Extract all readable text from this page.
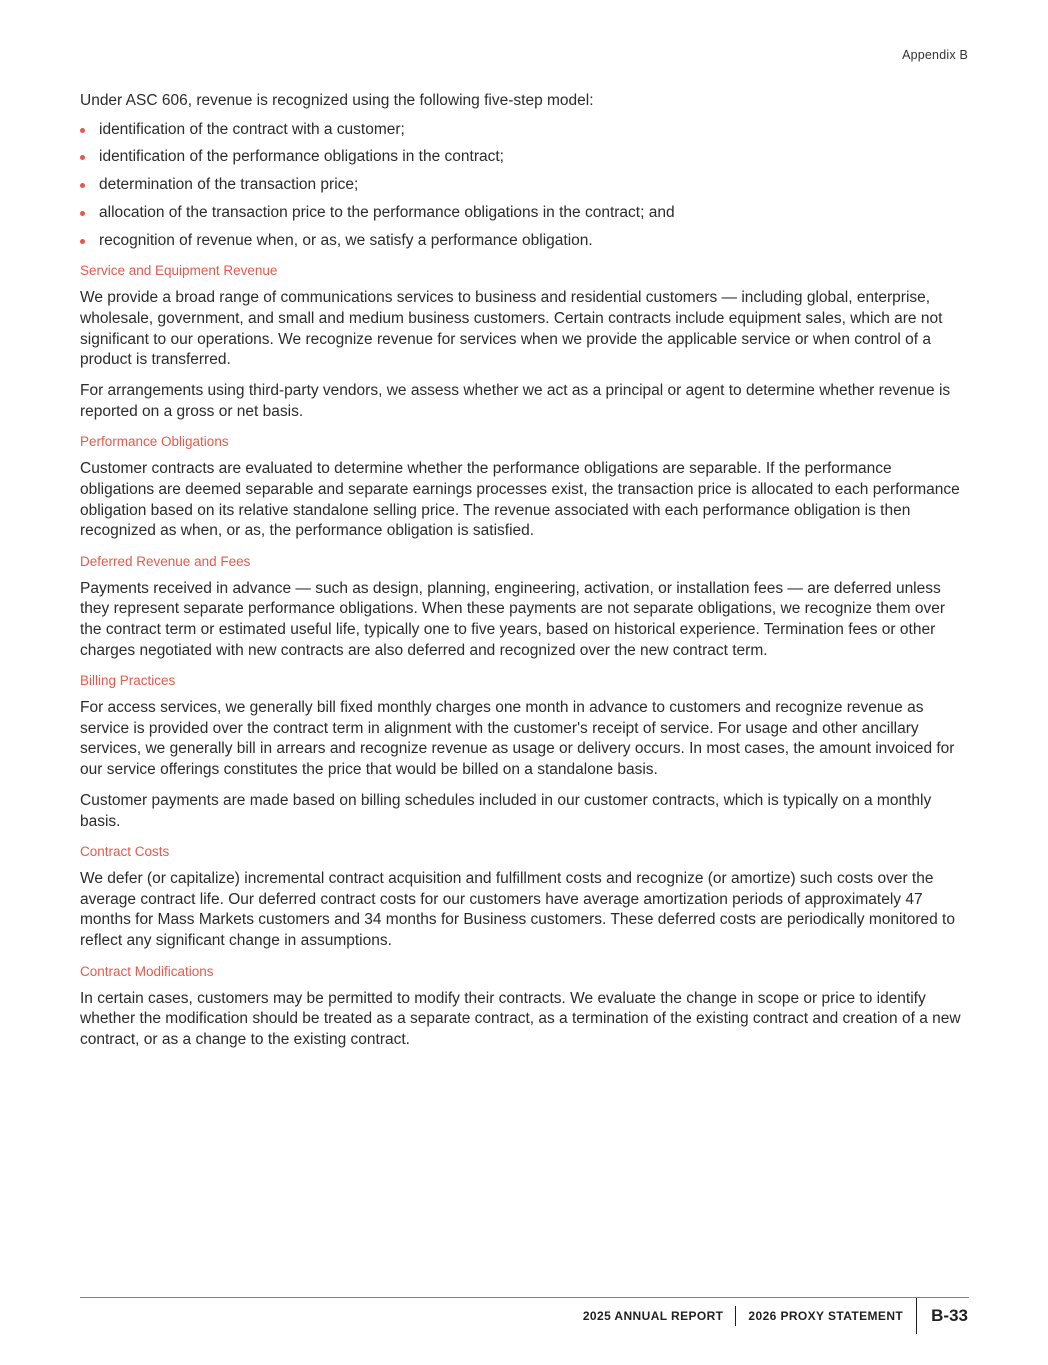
Appendix B

Under ASC 606, revenue is recognized using the following five-step model:

identification of the contract with a customer;
identification of the performance obligations in the contract;
determination of the transaction price;
allocation of the transaction price to the performance obligations in the contract; and
recognition of revenue when, or as, we satisfy a performance obligation.
Service and Equipment Revenue

We provide a broad range of communications services to business and residential customers — including global, enterprise, wholesale, government, and small and medium business customers. Certain contracts include equipment sales, which are not significant to our operations. We recognize revenue for services when we provide the applicable service or when control of a product is transferred.

For arrangements using third-party vendors, we assess whether we act as a principal or agent to determine whether revenue is reported on a gross or net basis.

Performance Obligations

Customer contracts are evaluated to determine whether the performance obligations are separable. If the performance obligations are deemed separable and separate earnings processes exist, the transaction price is allocated to each performance obligation based on its relative standalone selling price. The revenue associated with each performance obligation is then recognized as when, or as, the performance obligation is satisfied.

Deferred Revenue and Fees

Payments received in advance — such as design, planning, engineering, activation, or installation fees — are deferred unless they represent separate performance obligations. When these payments are not separate obligations, we recognize them over the contract term or estimated useful life, typically one to five years, based on historical experience. Termination fees or other charges negotiated with new contracts are also deferred and recognized over the new contract term.

Billing Practices

For access services, we generally bill fixed monthly charges one month in advance to customers and recognize revenue as service is provided over the contract term in alignment with the customer's receipt of service. For usage and other ancillary services, we generally bill in arrears and recognize revenue as usage or delivery occurs. In most cases, the amount invoiced for our service offerings constitutes the price that would be billed on a standalone basis.

Customer payments are made based on billing schedules included in our customer contracts, which is typically on a monthly basis.

Contract Costs

We defer (or capitalize) incremental contract acquisition and fulfillment costs and recognize (or amortize) such costs over the average contract life. Our deferred contract costs for our customers have average amortization periods of approximately 47 months for Mass Markets customers and 34 months for Business customers. These deferred costs are periodically monitored to reflect any significant change in assumptions.

Contract Modifications

In certain cases, customers may be permitted to modify their contracts. We evaluate the change in scope or price to identify whether the modification should be treated as a separate contract, as a termination of the existing contract and creation of a new contract, or as a change to the existing contract.

2025 ANNUAL REPORT 2026 PROXY STATEMENT B-33
